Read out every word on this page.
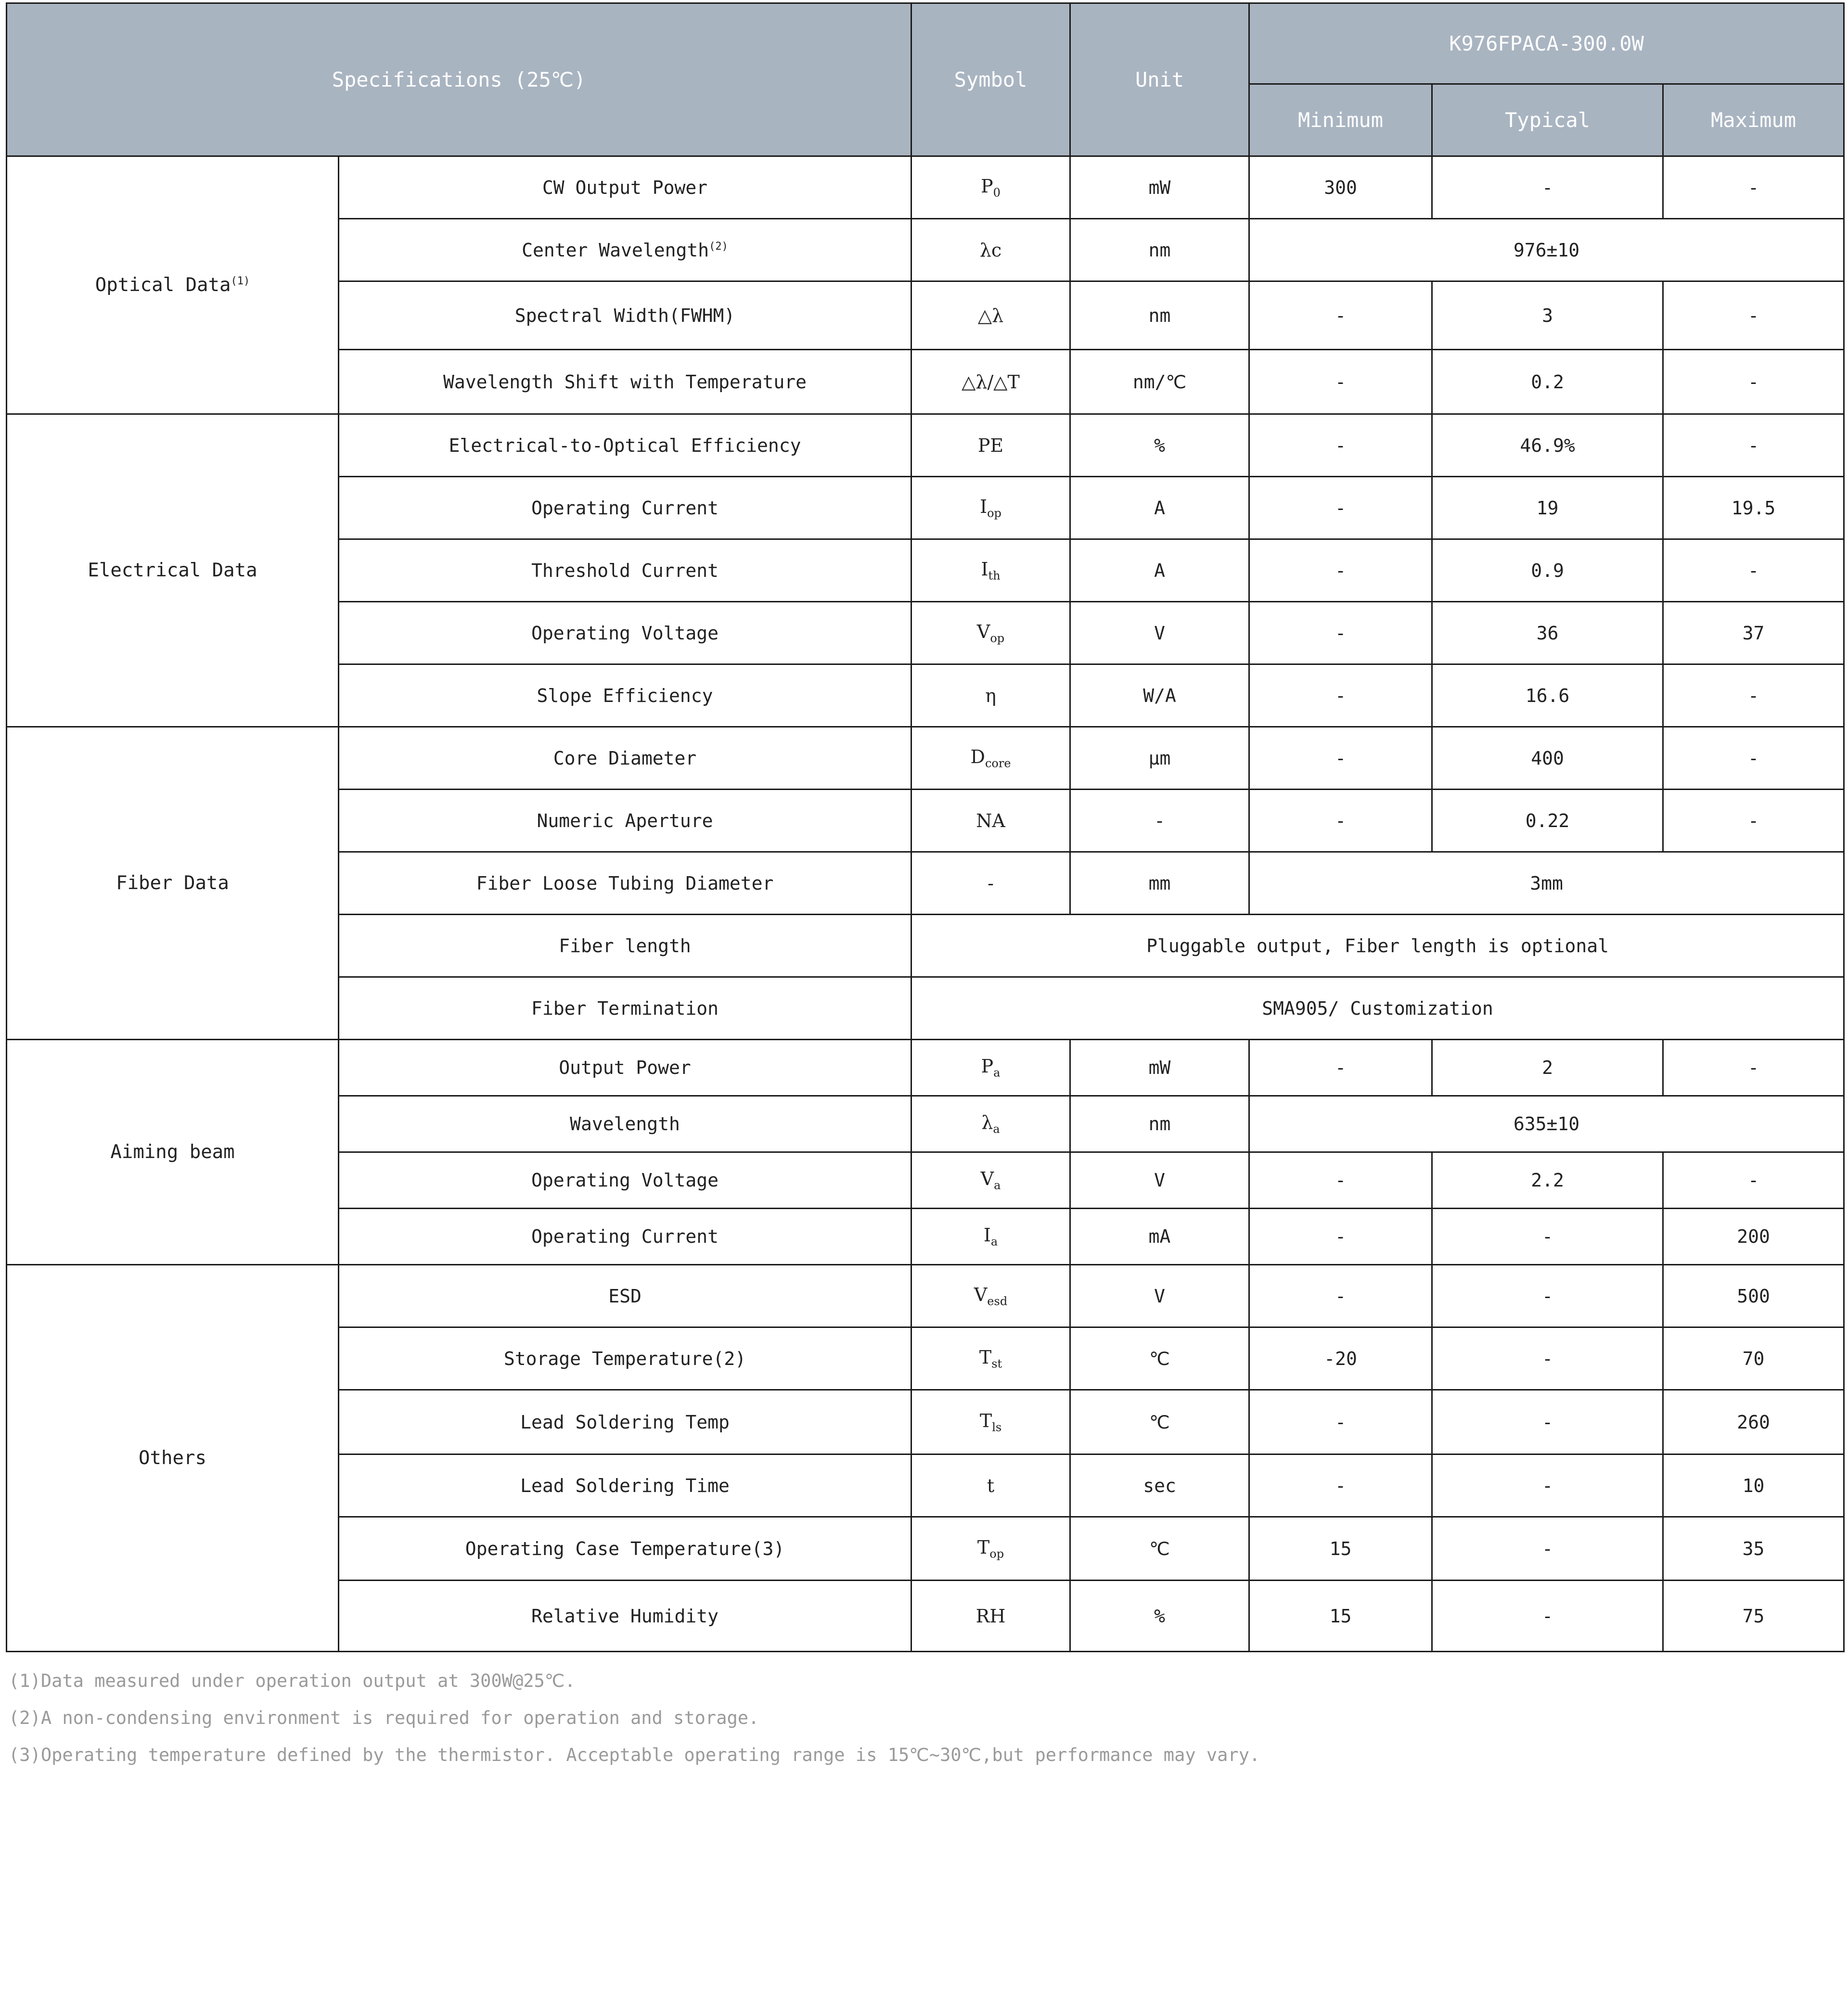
Specifications (25℃)		Symbol	Unit	K976FPACA-300.0W		
				Minimum	Typical	Maximum
Optical Data$^{(1)}$	CW Output Power	$P_0$	mW	300	-	-
	Center Wavelength$^{(2)}$	λc	nm	976±10		
	Spectral Width(FWHM)	△λ	nm	-	3	-
	Wavelength Shift with Temperature	△λ/△T	nm/℃	-	0.2	-
Electrical Data	Electrical-to-Optical Efficiency	PE	%	-	46.9%	-
	Operating Current	$I_{op}$	A	-	19	19.5
	Threshold Current	$I_{th}$	A	-	0.9	-
	Operating Voltage	$V_{op}$	V	-	36	37
	Slope Efficiency	η	W/A	-	16.6	-
Fiber Data	Core Diameter	$D_{core}$	μm	-	400	-
	Numeric Aperture	NA	-	-	0.22	-
	Fiber Loose Tubing Diameter	-	mm	3mm		
	Fiber length	Pluggable output, Fiber length is optional				
	Fiber Termination	SMA905/ Customization				
Aiming beam	Output Power	$P_a$	mW	-	2	-
	Wavelength	$\lambda_a$	nm	635±10		
	Operating Voltage	$V_a$	V	-	2.2	-
	Operating Current	$I_a$	mA	-	-	200
Others	ESD	$V_{esd}$	V	-	-	500
	Storage Temperature(2)	$T_{st}$	℃	-20	-	70
	Lead Soldering Temp	$T_{ls}$	℃	-	-	260
	Lead Soldering Time	t	sec	-	-	10
	Operating Case Temperature(3)	$T_{op}$	℃	15	-	35
	Relative Humidity	RH	%	15	-	75
(1)Data measured under operation output at 300W@25℃.
(2)A non-condensing environment is required for operation and storage.
(3)Operating temperature defined by the thermistor. Acceptable operating range is 15℃~30℃,but performance may vary.
